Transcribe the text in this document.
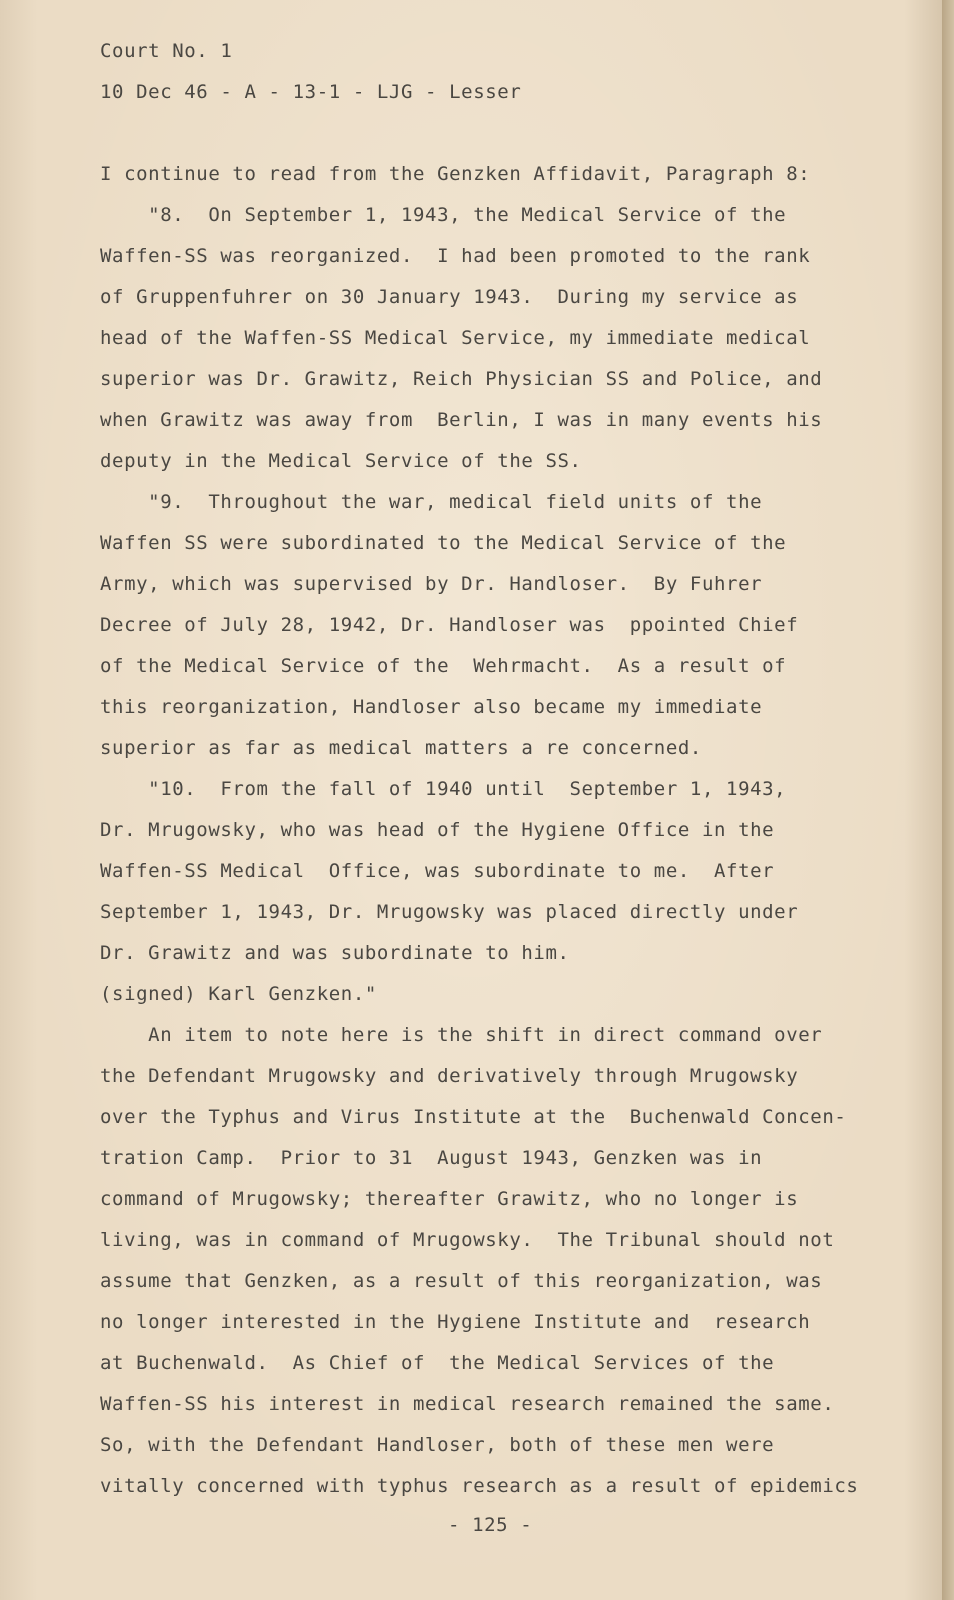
Court No. 1
10 Dec 46 - A - 13-1 - LJG - Lesser

I continue to read from the Genzken Affidavit, Paragraph 8:

"8.  On September 1, 1943, the Medical Service of the

Waffen-SS was reorganized.  I had been promoted to the rank

of Gruppenfuhrer on 30 January 1943.  During my service as

head of the Waffen-SS Medical Service, my immediate medical

superior was Dr. Grawitz, Reich Physician SS and Police, and

when Grawitz was away from  Berlin, I was in many events his

deputy in the Medical Service of the SS.

"9.  Throughout the war, medical field units of the

Waffen SS were subordinated to the Medical Service of the

Army, which was supervised by Dr. Handloser.  By Fuhrer

Decree of July 28, 1942, Dr. Handloser was  ppointed Chief

of the Medical Service of the  Wehrmacht.  As a result of

this reorganization, Handloser also became my immediate

superior as far as medical matters a re concerned.

"10.  From the fall of 1940 until  September 1, 1943,

Dr. Mrugowsky, who was head of the Hygiene Office in the

Waffen-SS Medical  Office, was subordinate to me.  After

September 1, 1943, Dr. Mrugowsky was placed directly under

Dr. Grawitz and was subordinate to him.

(signed) Karl Genzken."

An item to note here is the shift in direct command over

the Defendant Mrugowsky and derivatively through Mrugowsky

over the Typhus and Virus Institute at the  Buchenwald Concen-

tration Camp.  Prior to 31  August 1943, Genzken was in

command of Mrugowsky; thereafter Grawitz, who no longer is

living, was in command of Mrugowsky.  The Tribunal should not

assume that Genzken, as a result of this reorganization, was

no longer interested in the Hygiene Institute and  research

at Buchenwald.  As Chief of  the Medical Services of the

Waffen-SS his interest in medical research remained the same.

So, with the Defendant Handloser, both of these men were

vitally concerned with typhus research as a result of epidemics

- 125 -
